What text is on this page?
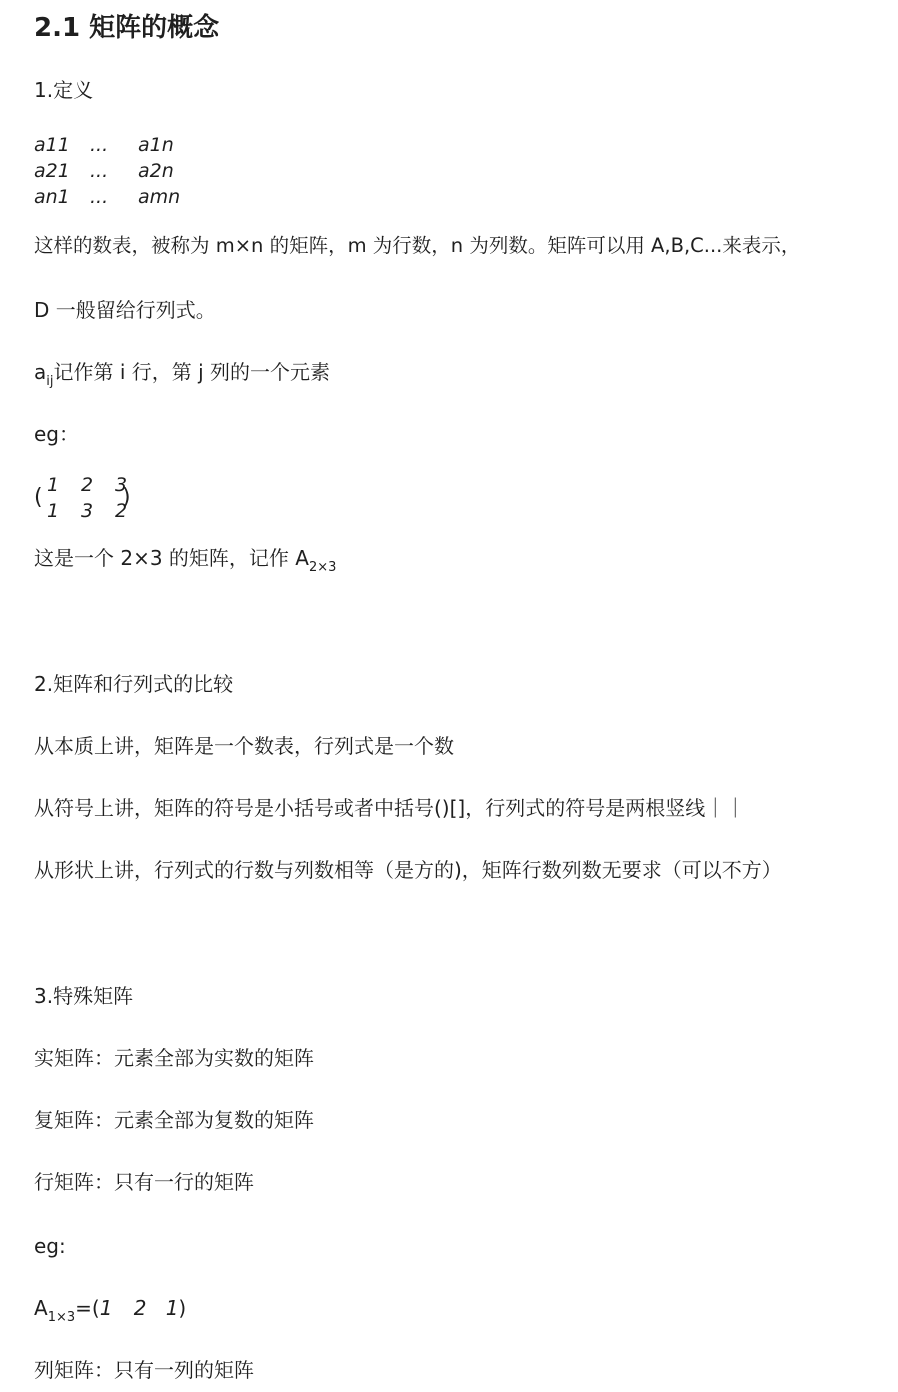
2.1 矩阵的概念
1.定义
a11 ... a1n
a21 ... a2n
an1 ... amn
这样的数表，被称为 m×n 的矩阵，m 为行数，n 为列数。矩阵可以用 A,B,C...来表示，
D 一般留给行列式。
$a_{ij}$记作第 i 行，第 j 列的一个元素
eg：
( 1 2 3
1 3 2
)
这是一个 2×3 的矩阵，记作 $A_{2\times 3}$
2.矩阵和行列式的比较
从本质上讲，矩阵是一个数表，行列式是一个数
从符号上讲，矩阵的符号是小括号或者中括号()[]，行列式的符号是两根竖线｜｜
从形状上讲，行列式的行数与列数相等（是方的)，矩阵行数列数无要求（可以不方）
3.特殊矩阵
实矩阵：元素全部为实数的矩阵
复矩阵：元素全部为复数的矩阵
行矩阵：只有一行的矩阵
eg:
$A_{1\times 3}=(1$ 2 1)
列矩阵：只有一列的矩阵
